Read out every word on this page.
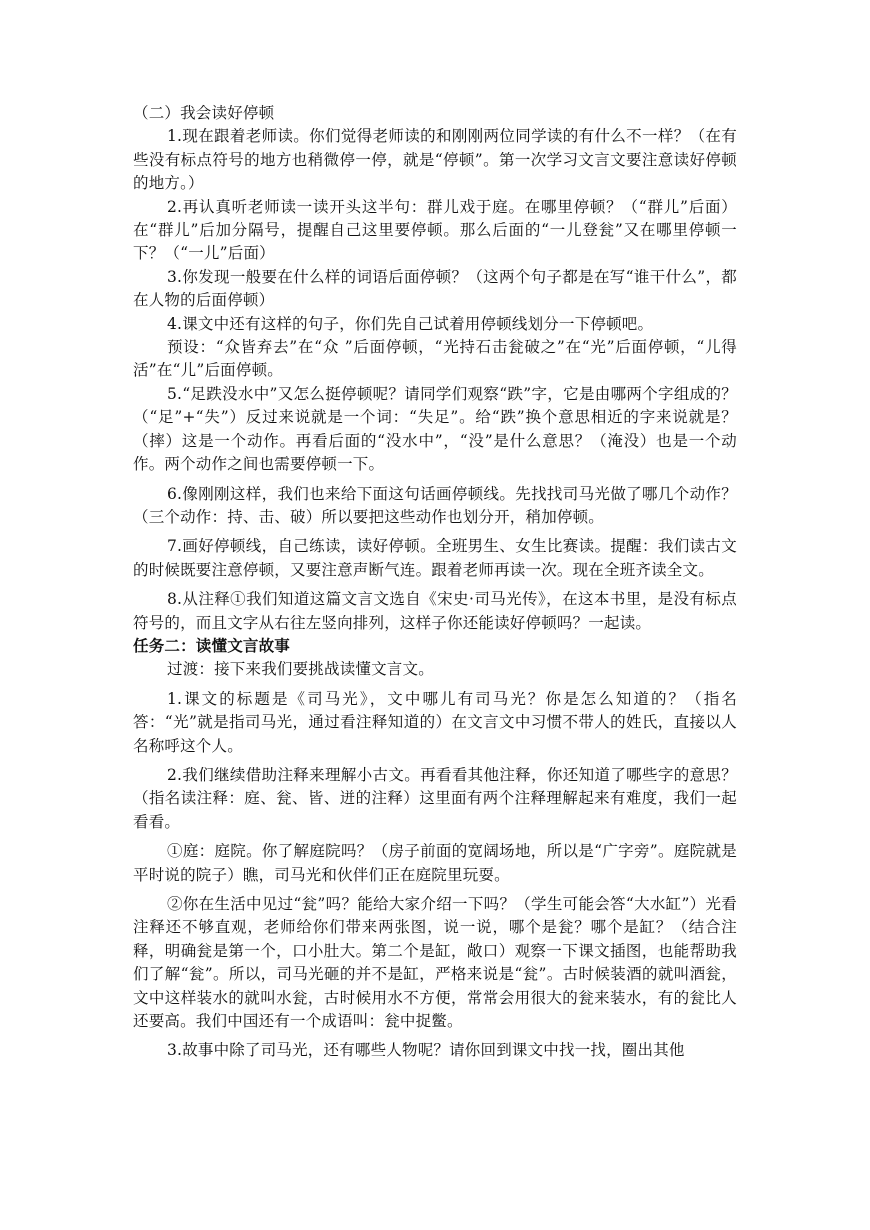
（二）我会读好停顿

1.现在跟着老师读。你们觉得老师读的和刚刚两位同学读的有什么不一样？（在有些没有标点符号的地方也稍微停一停，就是“停顿”。第一次学习文言文要注意读好停顿的地方。）

2.再认真听老师读一读开头这半句：群儿戏于庭。在哪里停顿？（“群儿”后面）在“群儿”后加分隔号，提醒自己这里要停顿。那么后面的“一儿登瓮”又在哪里停顿一下？（“一儿”后面）

3.你发现一般要在什么样的词语后面停顿？（这两个句子都是在写“谁干什么”，都在人物的后面停顿）

4.课文中还有这样的句子，你们先自己试着用停顿线划分一下停顿吧。

预设：“众皆弃去”在“众 ”后面停顿，“光持石击瓮破之”在“光”后面停顿，“儿得活”在“儿”后面停顿。

5.“足跌没水中”又怎么挺停顿呢？请同学们观察“跌”字，它是由哪两个字组成的？（“足”+“失”）反过来说就是一个词：“失足”。给“跌”换个意思相近的字来说就是？（摔）这是一个动作。再看后面的“没水中”，“没”是什么意思？（淹没）也是一个动作。两个动作之间也需要停顿一下。

6.像刚刚这样，我们也来给下面这句话画停顿线。先找找司马光做了哪几个动作？（三个动作：持、击、破）所以要把这些动作也划分开，稍加停顿。

7.画好停顿线，自己练读，读好停顿。全班男生、女生比赛读。提醒：我们读古文的时候既要注意停顿，又要注意声断气连。跟着老师再读一次。现在全班齐读全文。

8.从注释①我们知道这篇文言文选自《宋史·司马光传》，在这本书里，是没有标点符号的，而且文字从右往左竖向排列，这样子你还能读好停顿吗？一起读。

任务二：读懂文言故事

过渡：接下来我们要挑战读懂文言文。

1.课文的标题是《司马光》，文中哪儿有司马光？你是怎么知道的？（指名答：“光”就是指司马光，通过看注释知道的）在文言文中习惯不带人的姓氏，直接以人名称呼这个人。

2.我们继续借助注释来理解小古文。再看看其他注释，你还知道了哪些字的意思？（指名读注释：庭、瓮、皆、迸的注释）这里面有两个注释理解起来有难度，我们一起看看。

①庭：庭院。你了解庭院吗？（房子前面的宽阔场地，所以是“广字旁”。庭院就是平时说的院子）瞧，司马光和伙伴们正在庭院里玩耍。

②你在生活中见过“瓮”吗？能给大家介绍一下吗？（学生可能会答“大水缸”）光看注释还不够直观，老师给你们带来两张图，说一说，哪个是瓮？哪个是缸？（结合注释，明确瓮是第一个，口小肚大。第二个是缸，敞口）观察一下课文插图，也能帮助我们了解“瓮”。所以，司马光砸的并不是缸，严格来说是“瓮”。古时候装酒的就叫酒瓮，文中这样装水的就叫水瓮，古时候用水不方便，常常会用很大的瓮来装水，有的瓮比人还要高。我们中国还有一个成语叫：瓮中捉鳖。

3.故事中除了司马光，还有哪些人物呢？请你回到课文中找一找，圈出其他
